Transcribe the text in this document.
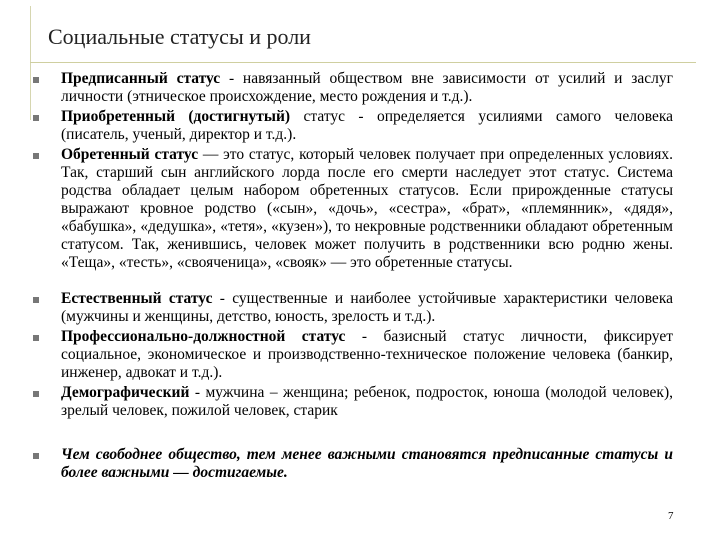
Социальные статусы и роли
Предписанный статус - навязанный обществом вне зависимости от усилий и заслуг личности (этническое происхождение, место рождения и т.д.).
Приобретенный (достигнутый) статус - определяется усилиями самого человека (писатель, ученый, директор и т.д.).
Обретенный статус — это статус, который человек получает при определенных условиях. Так, старший сын английского лорда после его смерти наследует этот статус. Система родства обладает целым набором обретенных статусов. Если прирожденные статусы выражают кровное родство («сын», «дочь», «сестра», «брат», «племянник», «дядя», «бабушка», «дедушка», «тетя», «кузен»), то некровные родственники обладают обретенным статусом. Так, женившись, человек может получить в родственники всю родню жены. «Теща», «тесть», «свояченица», «свояк» — это обретенные статусы.
Естественный статус - существенные и наиболее устойчивые характеристики человека (мужчины и женщины, детство, юность, зрелость и т.д.).
Профессионально-должностной статус - базисный статус личности, фиксирует социальное, экономическое и производственно-техническое положение человека (банкир, инженер, адвокат и т.д.).
Демографический - мужчина – женщина; ребенок, подросток, юноша (молодой человек), зрелый человек, пожилой человек, старик
Чем свободнее общество, тем менее важными становятся предписанные статусы и более важными — достигаемые.
7
